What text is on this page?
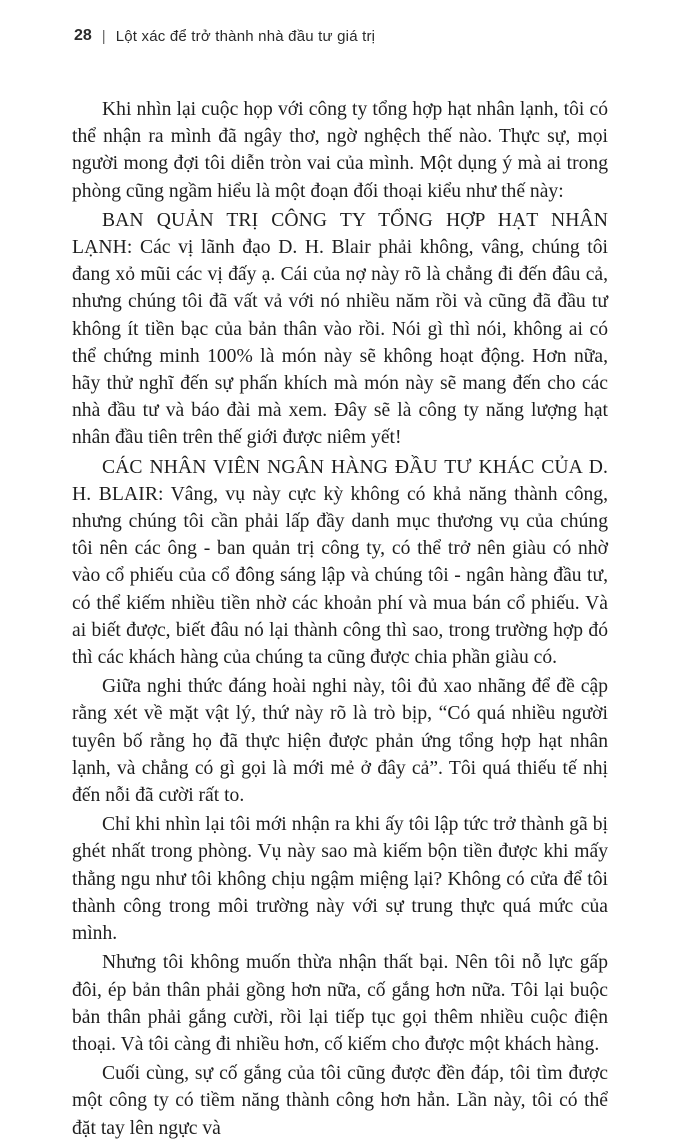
28 | Lột xác để trở thành nhà đầu tư giá trị

Khi nhìn lại cuộc họp với công ty tổng hợp hạt nhân lạnh, tôi có thể nhận ra mình đã ngây thơ, ngờ nghệch thế nào. Thực sự, mọi người mong đợi tôi diễn tròn vai của mình. Một dụng ý mà ai trong phòng cũng ngầm hiểu là một đoạn đối thoại kiểu như thế này:

BAN QUẢN TRỊ CÔNG TY TỔNG HỢP HẠT NHÂN LẠNH: Các vị lãnh đạo D. H. Blair phải không, vâng, chúng tôi đang xỏ mũi các vị đấy ạ. Cái của nợ này rõ là chẳng đi đến đâu cả, nhưng chúng tôi đã vất vả với nó nhiều năm rồi và cũng đã đầu tư không ít tiền bạc của bản thân vào rồi. Nói gì thì nói, không ai có thể chứng minh 100% là món này sẽ không hoạt động. Hơn nữa, hãy thử nghĩ đến sự phấn khích mà món này sẽ mang đến cho các nhà đầu tư và báo đài mà xem. Đây sẽ là công ty năng lượng hạt nhân đầu tiên trên thế giới được niêm yết!

CÁC NHÂN VIÊN NGÂN HÀNG ĐẦU TƯ KHÁC CỦA D. H. BLAIR: Vâng, vụ này cực kỳ không có khả năng thành công, nhưng chúng tôi cần phải lấp đầy danh mục thương vụ của chúng tôi nên các ông - ban quản trị công ty, có thể trở nên giàu có nhờ vào cổ phiếu của cổ đông sáng lập và chúng tôi - ngân hàng đầu tư, có thể kiếm nhiều tiền nhờ các khoản phí và mua bán cổ phiếu. Và ai biết được, biết đâu nó lại thành công thì sao, trong trường hợp đó thì các khách hàng của chúng ta cũng được chia phần giàu có.

Giữa nghi thức đáng hoài nghi này, tôi đủ xao nhãng để đề cập rằng xét về mặt vật lý, thứ này rõ là trò bịp, “Có quá nhiều người tuyên bố rằng họ đã thực hiện được phản ứng tổng hợp hạt nhân lạnh, và chẳng có gì gọi là mới mẻ ở đây cả”. Tôi quá thiếu tế nhị đến nỗi đã cười rất to.

Chỉ khi nhìn lại tôi mới nhận ra khi ấy tôi lập tức trở thành gã bị ghét nhất trong phòng. Vụ này sao mà kiếm bộn tiền được khi mấy thằng ngu như tôi không chịu ngậm miệng lại? Không có cửa để tôi thành công trong môi trường này với sự trung thực quá mức của mình.

Nhưng tôi không muốn thừa nhận thất bại. Nên tôi nỗ lực gấp đôi, ép bản thân phải gồng hơn nữa, cố gắng hơn nữa. Tôi lại buộc bản thân phải gắng cười, rồi lại tiếp tục gọi thêm nhiều cuộc điện thoại. Và tôi càng đi nhiều hơn, cố kiếm cho được một khách hàng.

Cuối cùng, sự cố gắng của tôi cũng được đền đáp, tôi tìm được một công ty có tiềm năng thành công hơn hẳn. Lần này, tôi có thể đặt tay lên ngực và
